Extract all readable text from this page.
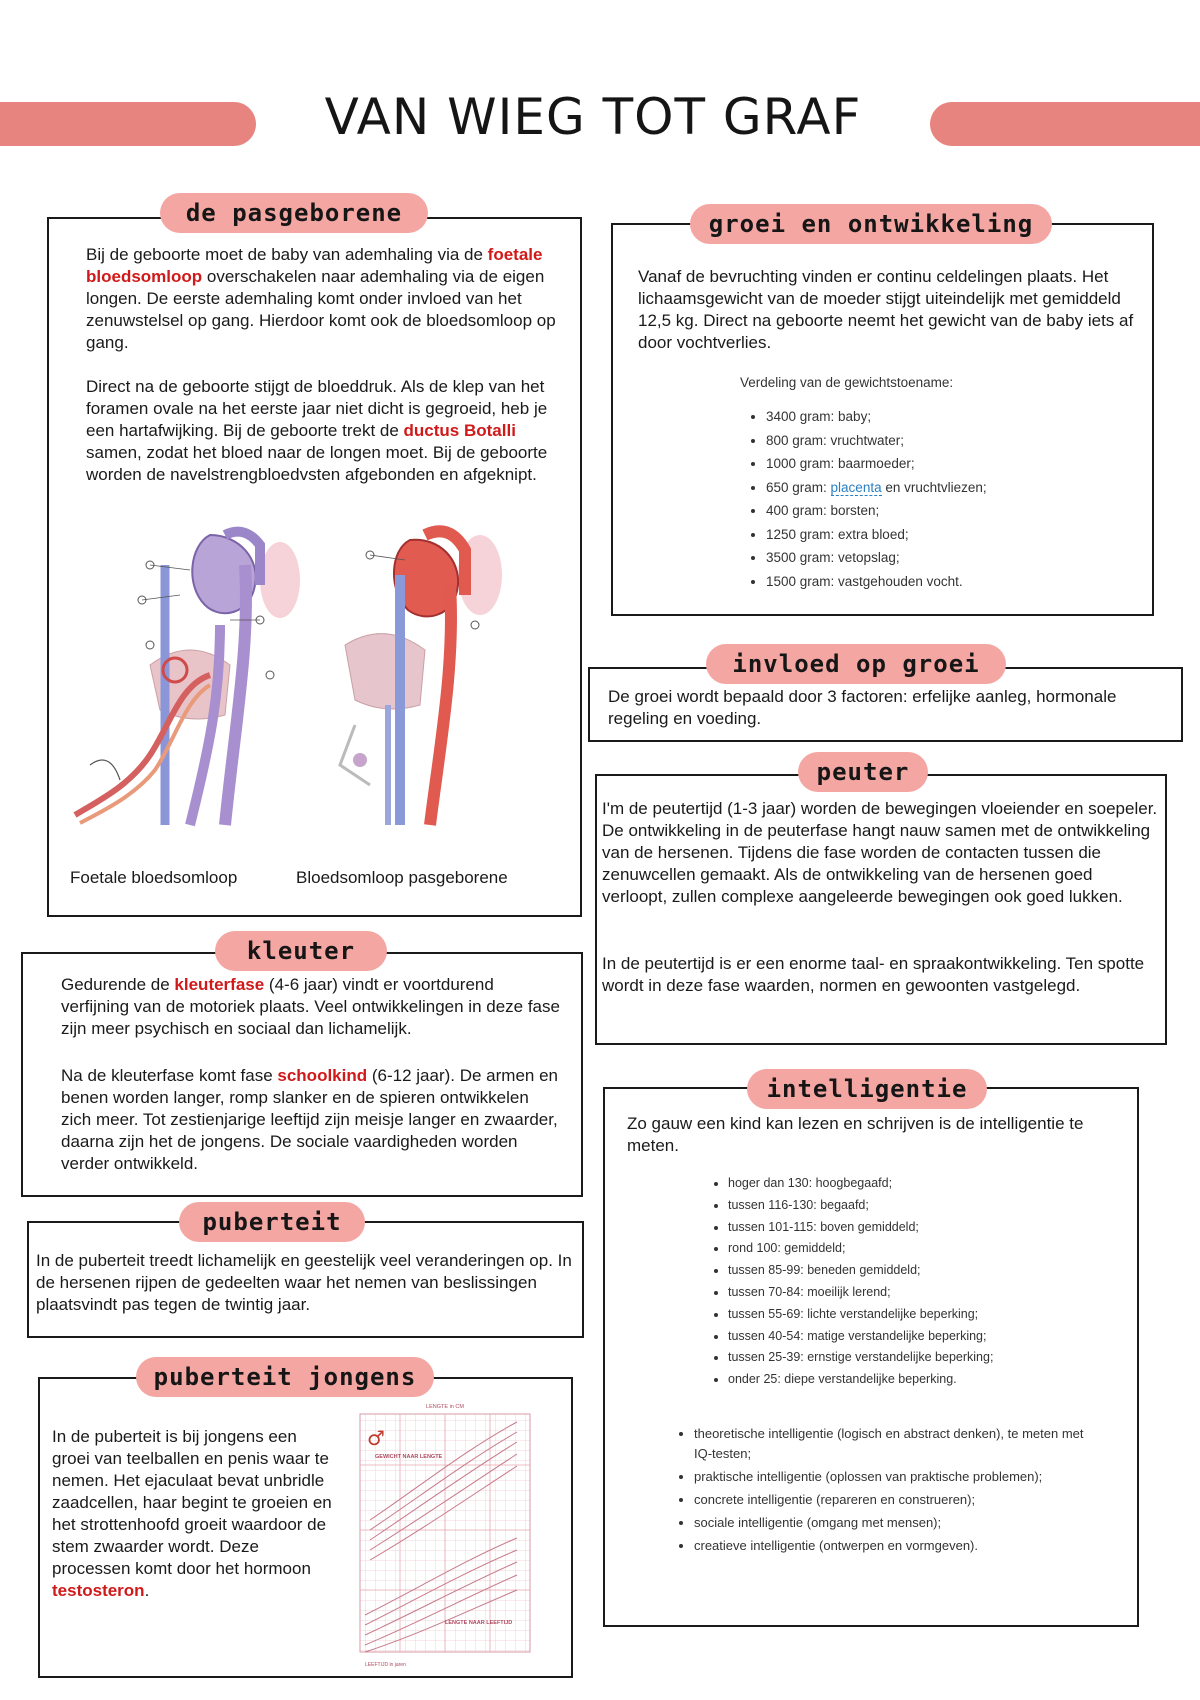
VAN WIEG TOT GRAF
de pasgeborene
Bij de geboorte moet de baby van ademhaling via de foetale bloedsomloop overschakelen naar ademhaling via de eigen longen. De eerste ademhaling komt onder invloed van het zenuwstelsel op gang. Hierdoor komt ook de bloedsomloop op gang.
Direct na de geboorte stijgt de bloeddruk. Als de klep van het foramen ovale na het eerste jaar niet dicht is gegroeid, heb je een hartafwijking. Bij de geboorte trekt de ductus Botalli samen, zodat het bloed naar de longen moet. Bij de geboorte worden de navelstrengbloedvsten afgebonden en afgeknipt.
Foetale bloedsomloop	Bloedsomloop pasgeborene
groei en ontwikkeling
Vanaf de bevruchting vinden er continu celdelingen plaats. Het lichaamsgewicht van de moeder stijgt uiteindelijk met gemiddeld 12,5 kg. Direct na geboorte neemt het gewicht van de baby iets af door vochtverlies.
Verdeling van de gewichtstoename:
• 3400 gram: baby;
• 800 gram: vruchtwater;
• 1000 gram: baarmoeder;
• 650 gram: placenta en vruchtvliezen;
• 400 gram: borsten;
• 1250 gram: extra bloed;
• 3500 gram: vetopslag;
• 1500 gram: vastgehouden vocht.
invloed op groei
De groei wordt bepaald door 3 factoren: erfelijke aanleg, hormonale regeling en voeding.
peuter
I'm de peutertijd (1-3 jaar) worden de bewegingen vloeiender en soepeler. De ontwikkeling in de peuterfase hangt nauw samen met de ontwikkeling van de hersenen. Tijdens die fase worden de contacten tussen die zenuwcellen gemaakt. Als de ontwikkeling van de hersenen goed verloopt, zullen complexe aangeleerde bewegingen ook goed lukken.
In de peutertijd is er een enorme taal- en spraakontwikkeling. Ten spotte wordt in deze fase waarden, normen en gewoonten vastgelegd.
kleuter
Gedurende de kleuterfase (4-6 jaar) vindt er voortdurend verfijning van de motoriek plaats. Veel ontwikkelingen in deze fase zijn meer psychisch en sociaal dan lichamelijk.
Na de kleuterfase komt fase schoolkind (6-12 jaar). De armen en benen worden langer, romp slanker en de spieren ontwikkelen zich meer. Tot zestienjarige leeftijd zijn meisje langer en zwaarder, daarna zijn het de jongens. De sociale vaardigheden worden verder ontwikkeld.
intelligentie
Zo gauw een kind kan lezen en schrijven is de intelligentie te meten.
• hoger dan 130: hoogbegaafd;
• tussen 116-130: begaafd;
• tussen 101-115: boven gemiddeld;
• rond 100: gemiddeld;
• tussen 85-99: beneden gemiddeld;
• tussen 70-84: moeilijk lerend;
• tussen 55-69: lichte verstandelijke beperking;
• tussen 40-54: matige verstandelijke beperking;
• tussen 25-39: ernstige verstandelijke beperking;
• onder 25: diepe verstandelijke beperking.
• theoretische intelligentie (logisch en abstract denken), te meten met IQ-testen;
• praktische intelligentie (oplossen van praktische problemen);
• concrete intelligentie (repareren en construeren);
• sociale intelligentie (omgang met mensen);
• creatieve intelligentie (ontwerpen en vormgeven).
puberteit
In de puberteit treedt lichamelijk en geestelijk veel veranderingen op. In de hersenen rijpen de gedeelten waar het nemen van beslissingen plaatsvindt pas tegen de twintig jaar.
puberteit jongens
In de puberteit is bij jongens een groei van teelballen en penis waar te nemen. Het ejaculaat bevat unbridle zaadcellen, haar begint te groeien en het strottenhoofd groeit waardoor de stem zwaarder wordt. Deze processen komt door het hormoon testosteron.
LENGTE in CM
♂
GEWICHT NAAR LENGTE
LENGTE NAAR LEEFTIJD
LEEFTIJD in jaren
